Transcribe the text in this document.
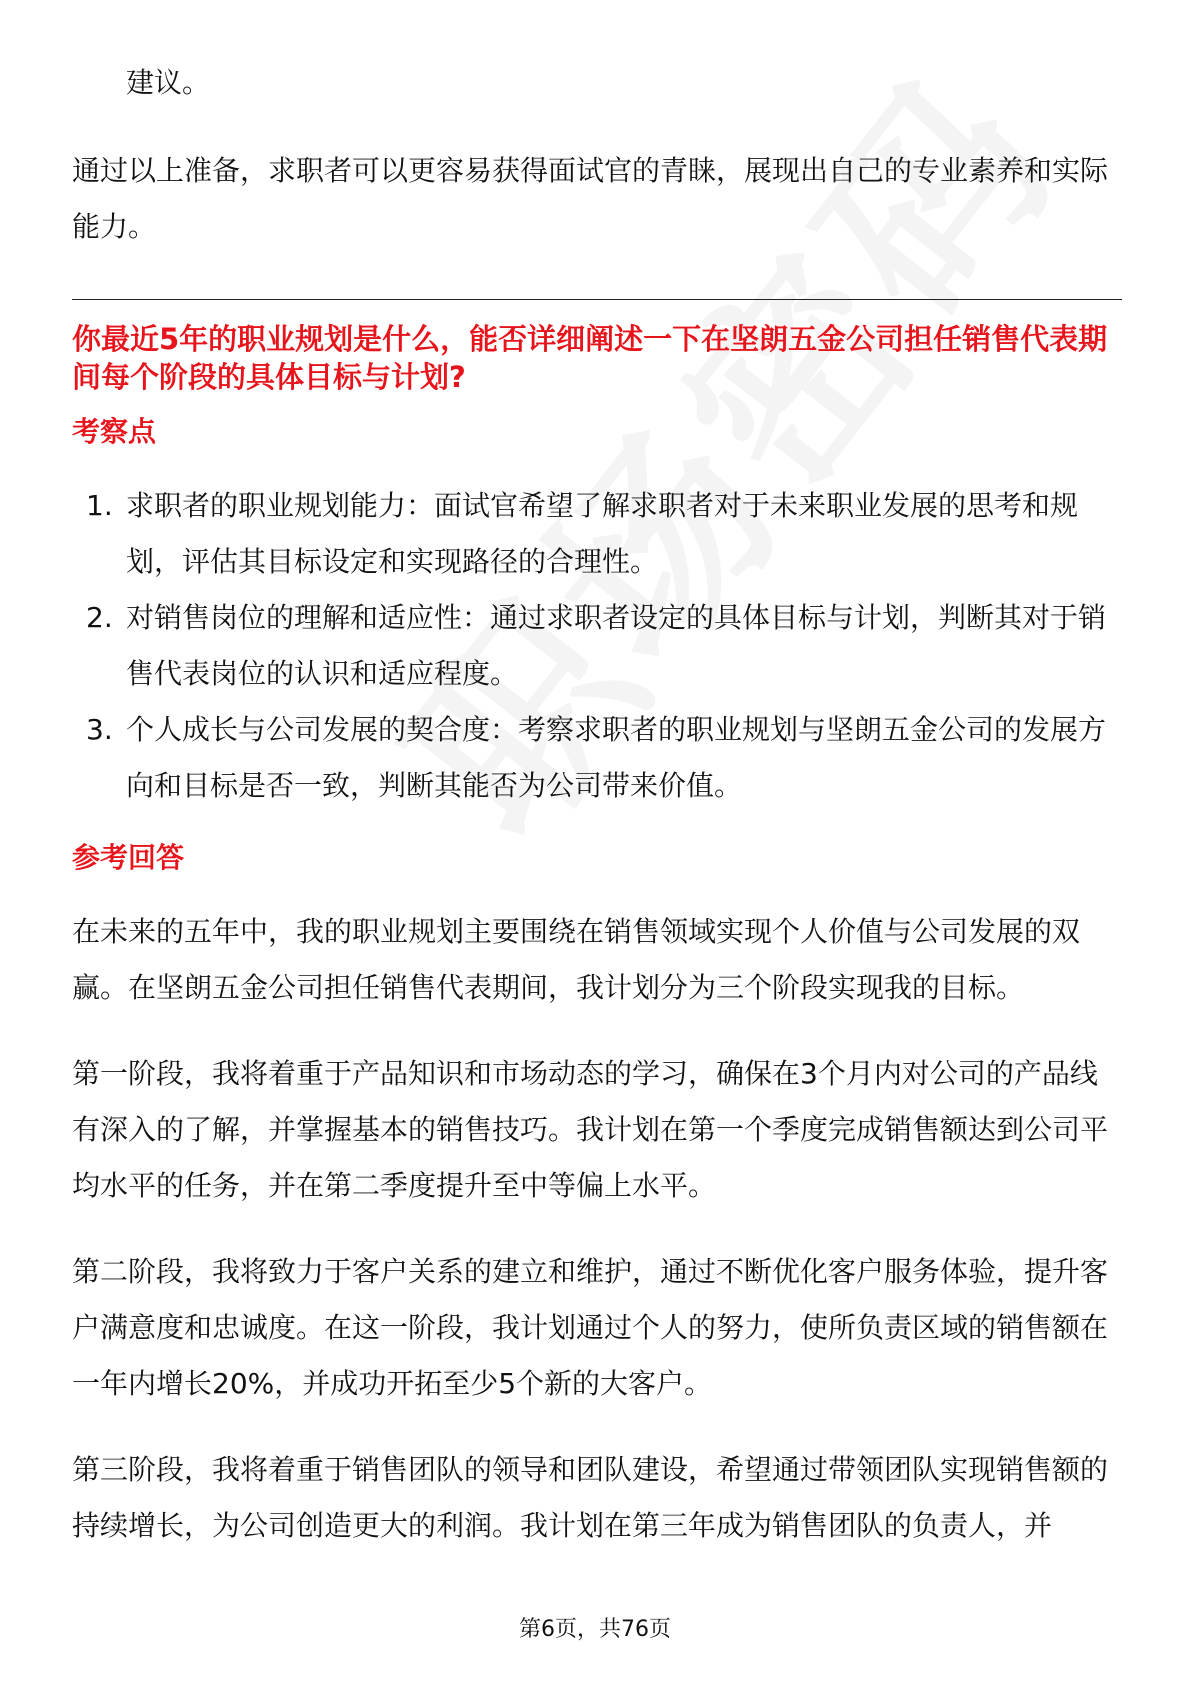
建议。

通过以上准备，求职者可以更容易获得面试官的青睐，展现出自己的专业素养和实际能力。

你最近5年的职业规划是什么，能否详细阐述一下在坚朗五金公司担任销售代表期间每个阶段的具体目标与计划?

考察点
1. 求职者的职业规划能力：面试官希望了解求职者对于未来职业发展的思考和规划，评估其目标设定和实现路径的合理性。
2. 对销售岗位的理解和适应性：通过求职者设定的具体目标与计划，判断其对于销售代表岗位的认识和适应程度。
3. 个人成长与公司发展的契合度：考察求职者的职业规划与坚朗五金公司的发展方向和目标是否一致，判断其能否为公司带来价值。
参考回答

在未来的五年中，我的职业规划主要围绕在销售领域实现个人价值与公司发展的双赢。在坚朗五金公司担任销售代表期间，我计划分为三个阶段实现我的目标。

第一阶段，我将着重于产品知识和市场动态的学习，确保在3个月内对公司的产品线有深入的了解，并掌握基本的销售技巧。我计划在第一个季度完成销售额达到公司平均水平的任务，并在第二季度提升至中等偏上水平。

第二阶段，我将致力于客户关系的建立和维护，通过不断优化客户服务体验，提升客户满意度和忠诚度。在这一阶段，我计划通过个人的努力，使所负责区域的销售额在一年内增长20%，并成功开拓至少5个新的大客户。

第三阶段，我将着重于销售团队的领导和团队建设，希望通过带领团队实现销售额的持续增长，为公司创造更大的利润。我计划在第三年成为销售团队的负责人，并

第6页，共76页
